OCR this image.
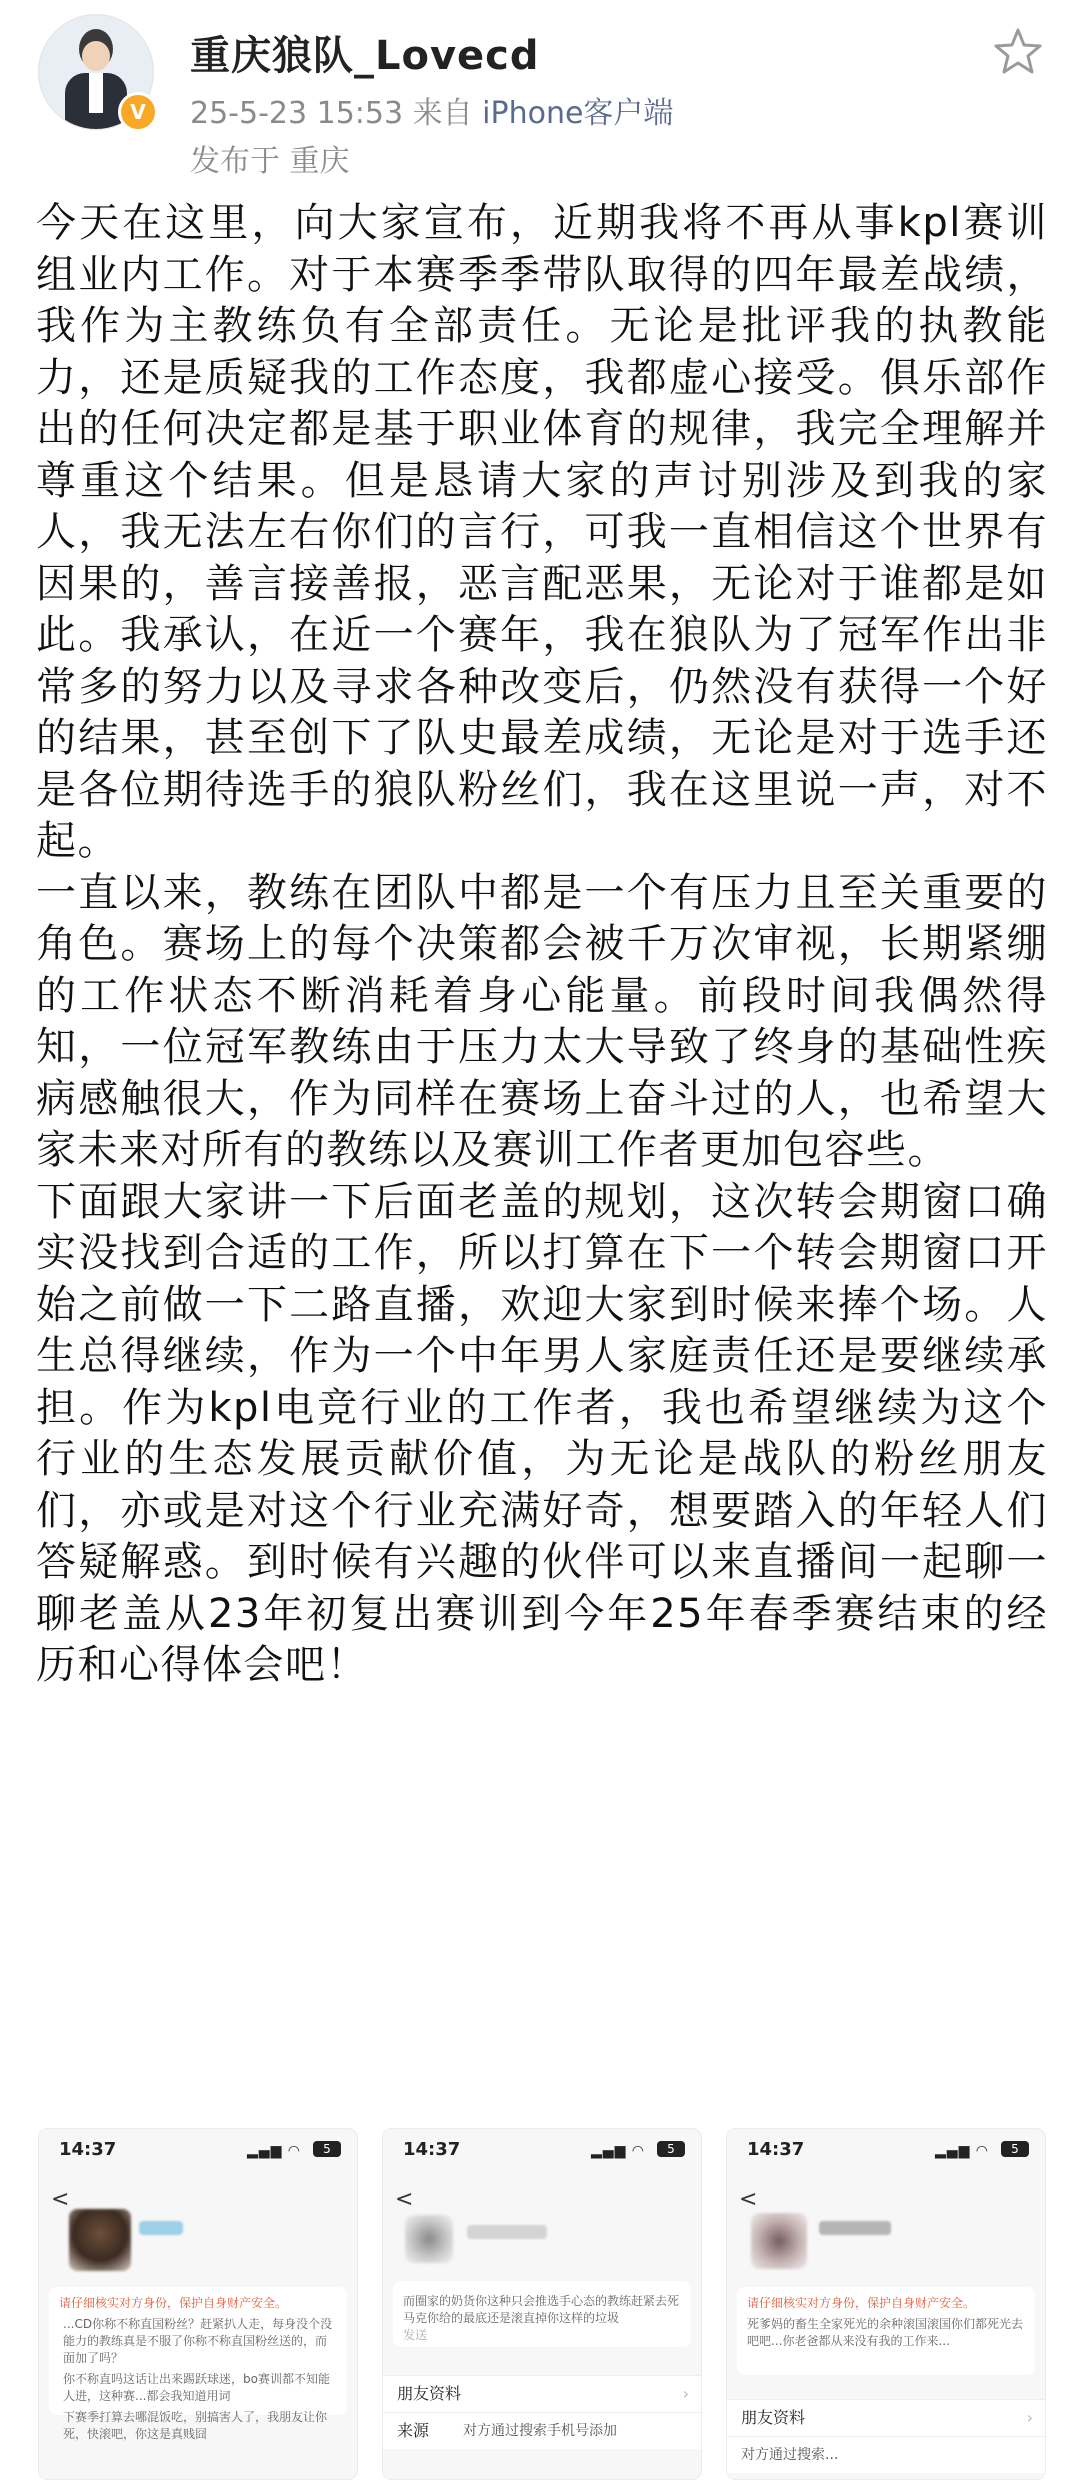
V
重庆狼队_Lovecd
25-5-23 15:53 来自 iPhone客户端
发布于 重庆

今天在这里，向大家宣布，近期我将不再从事kpl赛训组业内工作。对于本赛季季带队取得的四年最差战绩，我作为主教练负有全部责任。无论是批评我的执教能力，还是质疑我的工作态度，我都虚心接受。俱乐部作出的任何决定都是基于职业体育的规律，我完全理解并尊重这个结果。但是恳请大家的声讨别涉及到我的家人，我无法左右你们的言行，可我一直相信这个世界有因果的，善言接善报，恶言配恶果，无论对于谁都是如此。我承认，在近一个赛年，我在狼队为了冠军作出非常多的努力以及寻求各种改变后，仍然没有获得一个好的结果，甚至创下了队史最差成绩，无论是对于选手还是各位期待选手的狼队粉丝们，我在这里说一声，对不起。

一直以来，教练在团队中都是一个有压力且至关重要的角色。赛场上的每个决策都会被千万次审视，长期紧绷的工作状态不断消耗着身心能量。前段时间我偶然得知，一位冠军教练由于压力太大导致了终身的基础性疾病感触很大，作为同样在赛场上奋斗过的人，也希望大家未来对所有的教练以及赛训工作者更加包容些。

下面跟大家讲一下后面老盖的规划，这次转会期窗口确实没找到合适的工作，所以打算在下一个转会期窗口开始之前做一下二路直播，欢迎大家到时候来捧个场。人生总得继续，作为一个中年男人家庭责任还是要继续承担。作为kpl电竞行业的工作者，我也希望继续为这个行业的生态发展贡献价值，为无论是战队的粉丝朋友们，亦或是对这个行业充满好奇，想要踏入的年轻人们答疑解惑。到时候有兴趣的伙伴可以来直播间一起聊一聊老盖从23年初复出赛训到今年25年春季赛结束的经历和心得体会吧！

14:37	▂▄▆ ◠	5
<
请仔细核实对方身份，保护自身财产安全。
...CD你称不称直国粉丝？赶紧扒人走，每身没个没能力的教练真是不服了你称不称直国粉丝送的，而面加了吗？
你不称直吗这话让出来踢跃球迷，bo赛训都不知能人进，这种赛...都会我知道用词
下赛季打算去哪混饭吃，别搞害人了，我朋友让你死，快滚吧，你这是真贱囧
14:37	▂▄▆ ◠	5
<
而圈家的奶货你这种只会推选手心态的教练赶紧去死马克你给的最底还是滚直掉你这样的垃圾
发送
朋友资料	›
来源 对方通过搜索手机号添加
14:37	▂▄▆ ◠	5
<
请仔细核实对方身份，保护自身财产安全。
死爹妈的畜生全家死光的余种滚国滚国你们都死光去吧吧...你老爸都从来没有我的工作来...
朋友资料	›
对方通过搜索...
